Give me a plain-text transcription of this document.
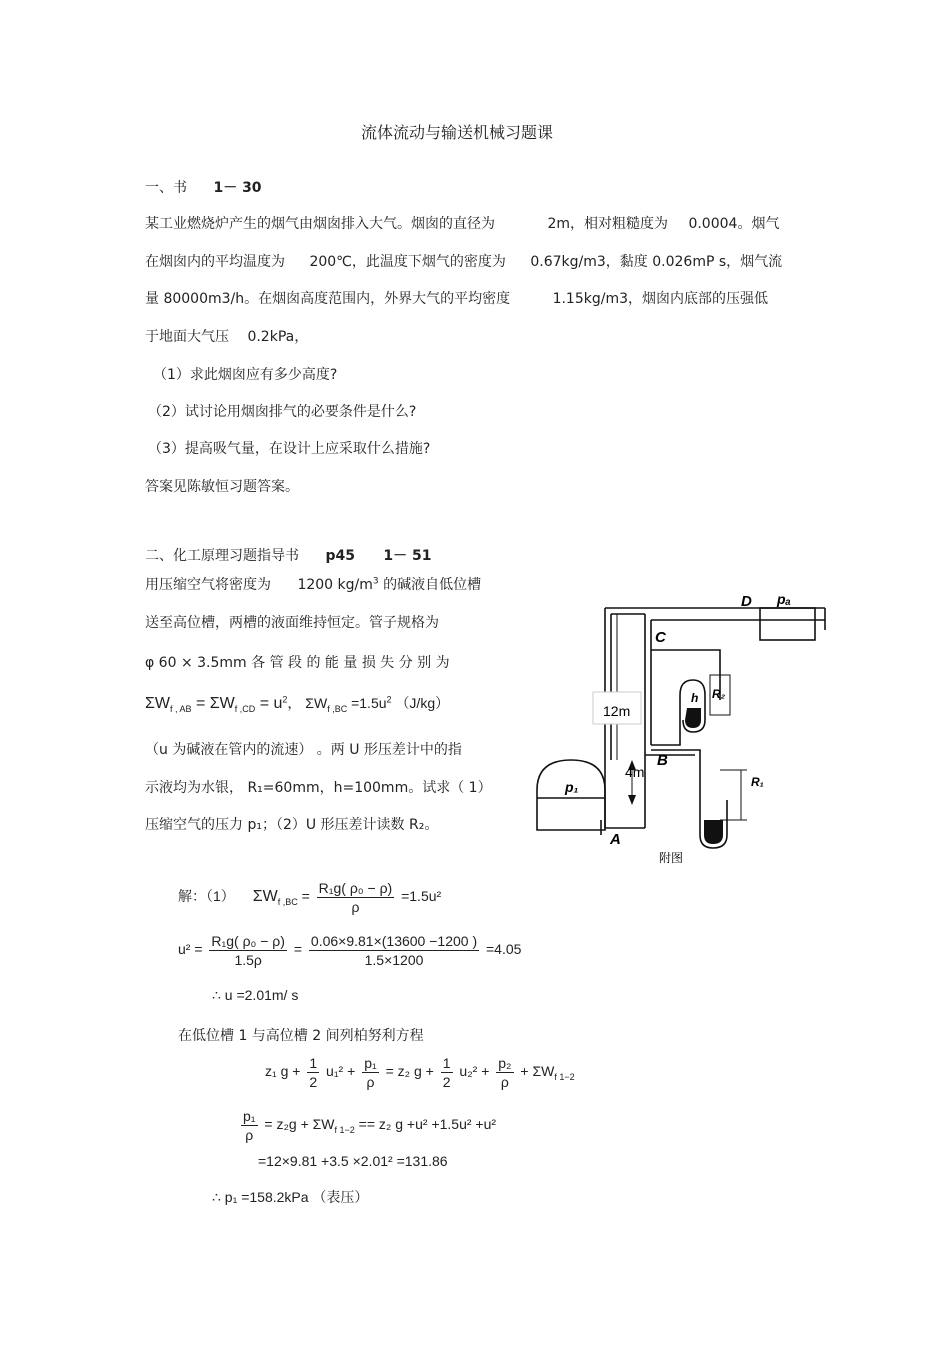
流体流动与输送机械习题课
一、书 1－ 30
某工业燃烧炉产生的烟气由烟囱排入大气。烟囱的直径为	2m，相对粗糙度为 0.0004。烟气
在烟囱内的平均温度为 200℃，此温度下烟气的密度为 0.67kg/m3，黏度 0.026mP s，烟气流
量 80000m3/h。在烟囱高度范围内，外界大气的平均密度	1.15kg/m3，烟囱内底部的压强低
于地面大气压 0.2kPa，
（1）求此烟囱应有多少高度?
（2）试讨论用烟囱排气的必要条件是什么?
（3）提高吸气量，在设计上应采取什么措施?
答案见陈敏恒习题答案。
二、化工原理习题指导书 p45 1－ 51
用压缩空气将密度为 1200 $kg/m^3$ 的碱液自低位槽
送至高位槽，两槽的液面维持恒定。管子规格为
φ 60 × 3.5mm 各 管 段 的 能 量 损 失 分 别 为
$\Sigma W_{f , AB} = \Sigma W_{f ,CD} = u^2$， $\Sigma W_{f ,BC} =1.5u^2$ （J/kg）
（u 为碱液在管内的流速） 。两 U 形压差计中的指
示液均为水银， R₁=60mm，h=100mm。试求（ 1）
压缩空气的压力 p₁；（2）U 形压差计读数 R₂。
12m
4m
D pₐ
C
B
A
p₁
R₂
h
R₁
附图
解：（1） $\Sigma W_{f ,BC} = \frac{\text{R₁g( ρ₀ − ρ)}}{\rho} =1.5u^2$
$u^2 = \frac{\text{R₁g( ρ₀ − ρ)}}{1.5\rho} = \frac{0.06\times 9.81\times(13600 -1200 )}{1.5\times 1200} =4.05$
∴ u =2.01m/ s
在低位槽 1 与高位槽 2 间列柏努利方程
z₁ $g + \frac{1}{2} u_1^2 + \frac{\text{p₁}}{\rho} = z_2$ $g + \frac{1}{2} u_2^2 + \frac{\text{p₂}}{\rho} + \Sigma W_{f 1-2}$
$\frac{\text{p₁}}{\rho} = z_2g + \Sigma W_{f 1-2} == z_2$ g +u² +1.5u² +u²
=12×9.81 +3.5 ×2.01² =131.86
∴ p₁ =158.2kPa （表压）
